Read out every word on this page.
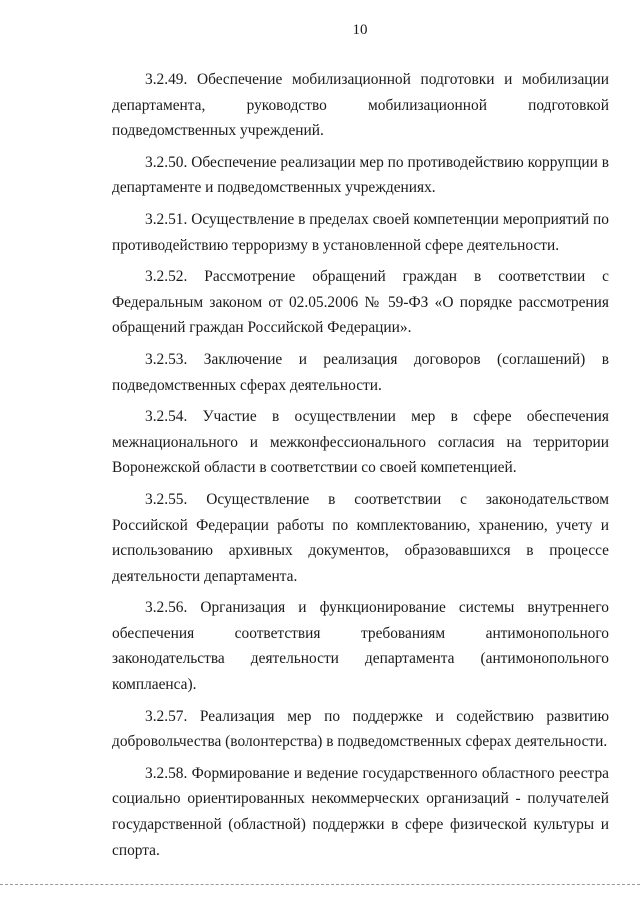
10

3.2.49. Обеспечение мобилизационной подготовки и мобилизации департамента, руководство мобилизационной подготовкой подведомственных учреждений.

3.2.50. Обеспечение реализации мер по противодействию коррупции в департаменте и подведомственных учреждениях.

3.2.51. Осуществление в пределах своей компетенции мероприятий по противодействию терроризму в установленной сфере деятельности.

3.2.52. Рассмотрение обращений граждан в соответствии с Федеральным законом от 02.05.2006 № 59-ФЗ «О порядке рассмотрения обращений граждан Российской Федерации».

3.2.53. Заключение и реализация договоров (соглашений) в подведомственных сферах деятельности.

3.2.54. Участие в осуществлении мер в сфере обеспечения межнационального и межконфессионального согласия на территории Воронежской области в соответствии со своей компетенцией.

3.2.55. Осуществление в соответствии с законодательством Российской Федерации работы по комплектованию, хранению, учету и использованию архивных документов, образовавшихся в процессе деятельности департамента.

3.2.56. Организация и функционирование системы внутреннего обеспечения соответствия требованиям антимонопольного законодательства деятельности департамента (антимонопольного комплаенса).

3.2.57. Реализация мер по поддержке и содействию развитию добровольчества (волонтерства) в подведомственных сферах деятельности.

3.2.58. Формирование и ведение государственного областного реестра социально ориентированных некоммерческих организаций - получателей государственной (областной) поддержки в сфере физической культуры и спорта.
